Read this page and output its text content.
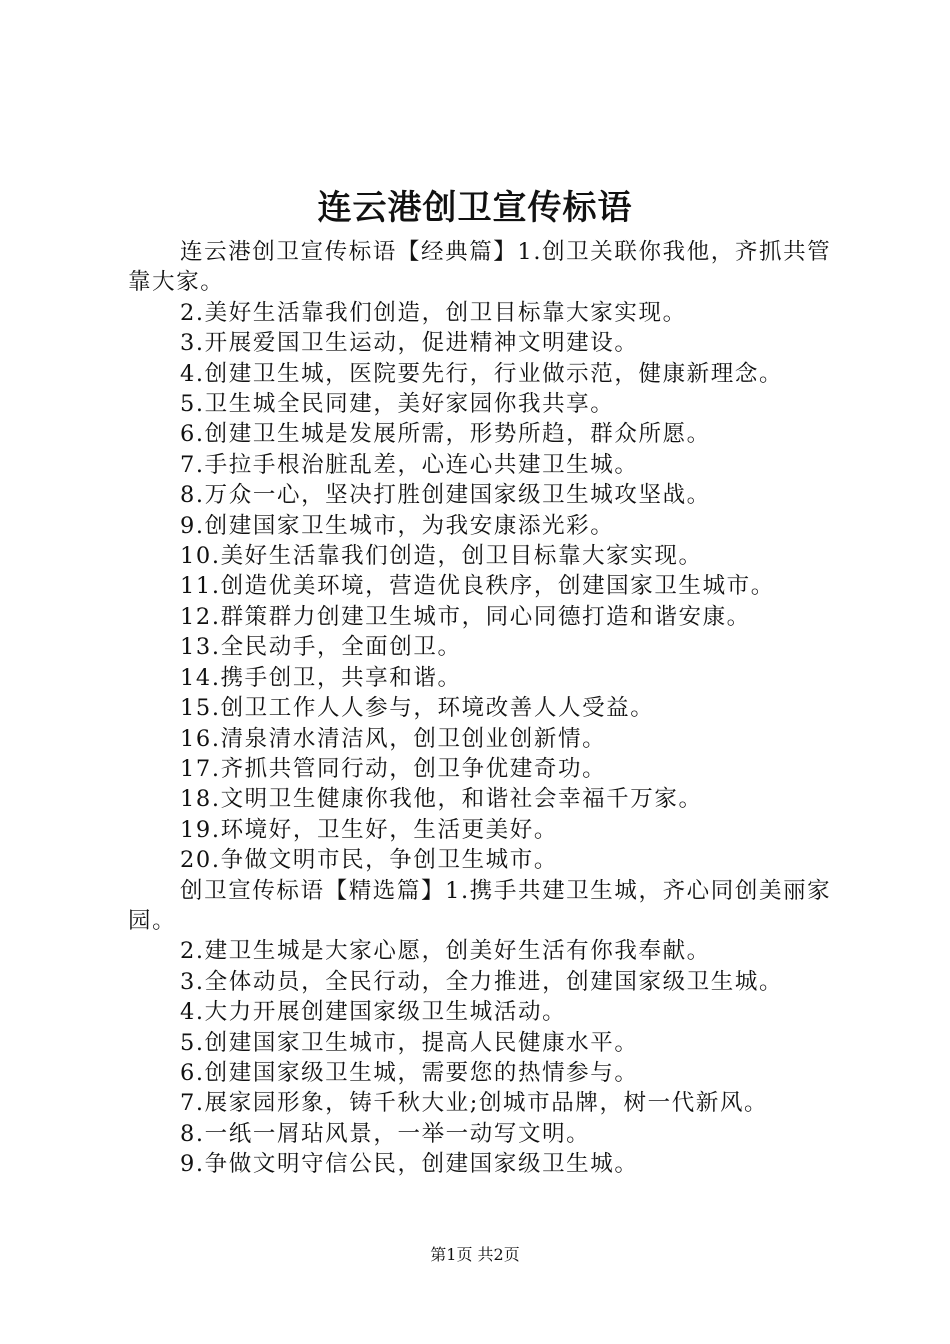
连云港创卫宣传标语
连云港创卫宣传标语【经典篇】1.创卫关联你我他，齐抓共管靠大家。
2.美好生活靠我们创造，创卫目标靠大家实现。
3.开展爱国卫生运动，促进精神文明建设。
4.创建卫生城，医院要先行，行业做示范，健康新理念。
5.卫生城全民同建，美好家园你我共享。
6.创建卫生城是发展所需，形势所趋，群众所愿。
7.手拉手根治脏乱差，心连心共建卫生城。
8.万众一心，坚决打胜创建国家级卫生城攻坚战。
9.创建国家卫生城市，为我安康添光彩。
10.美好生活靠我们创造，创卫目标靠大家实现。
11.创造优美环境，营造优良秩序，创建国家卫生城市。
12.群策群力创建卫生城市，同心同德打造和谐安康。
13.全民动手，全面创卫。
14.携手创卫，共享和谐。
15.创卫工作人人参与，环境改善人人受益。
16.清泉清水清洁风，创卫创业创新情。
17.齐抓共管同行动，创卫争优建奇功。
18.文明卫生健康你我他，和谐社会幸福千万家。
19.环境好，卫生好，生活更美好。
20.争做文明市民，争创卫生城市。
创卫宣传标语【精选篇】1.携手共建卫生城，齐心同创美丽家园。
2.建卫生城是大家心愿，创美好生活有你我奉献。
3.全体动员，全民行动，全力推进，创建国家级卫生城。
4.大力开展创建国家级卫生城活动。
5.创建国家卫生城市，提高人民健康水平。
6.创建国家级卫生城，需要您的热情参与。
7.展家园形象，铸千秋大业;创城市品牌，树一代新风。
8.一纸一屑玷风景，一举一动写文明。
9.争做文明守信公民，创建国家级卫生城。
第1页 共2页
